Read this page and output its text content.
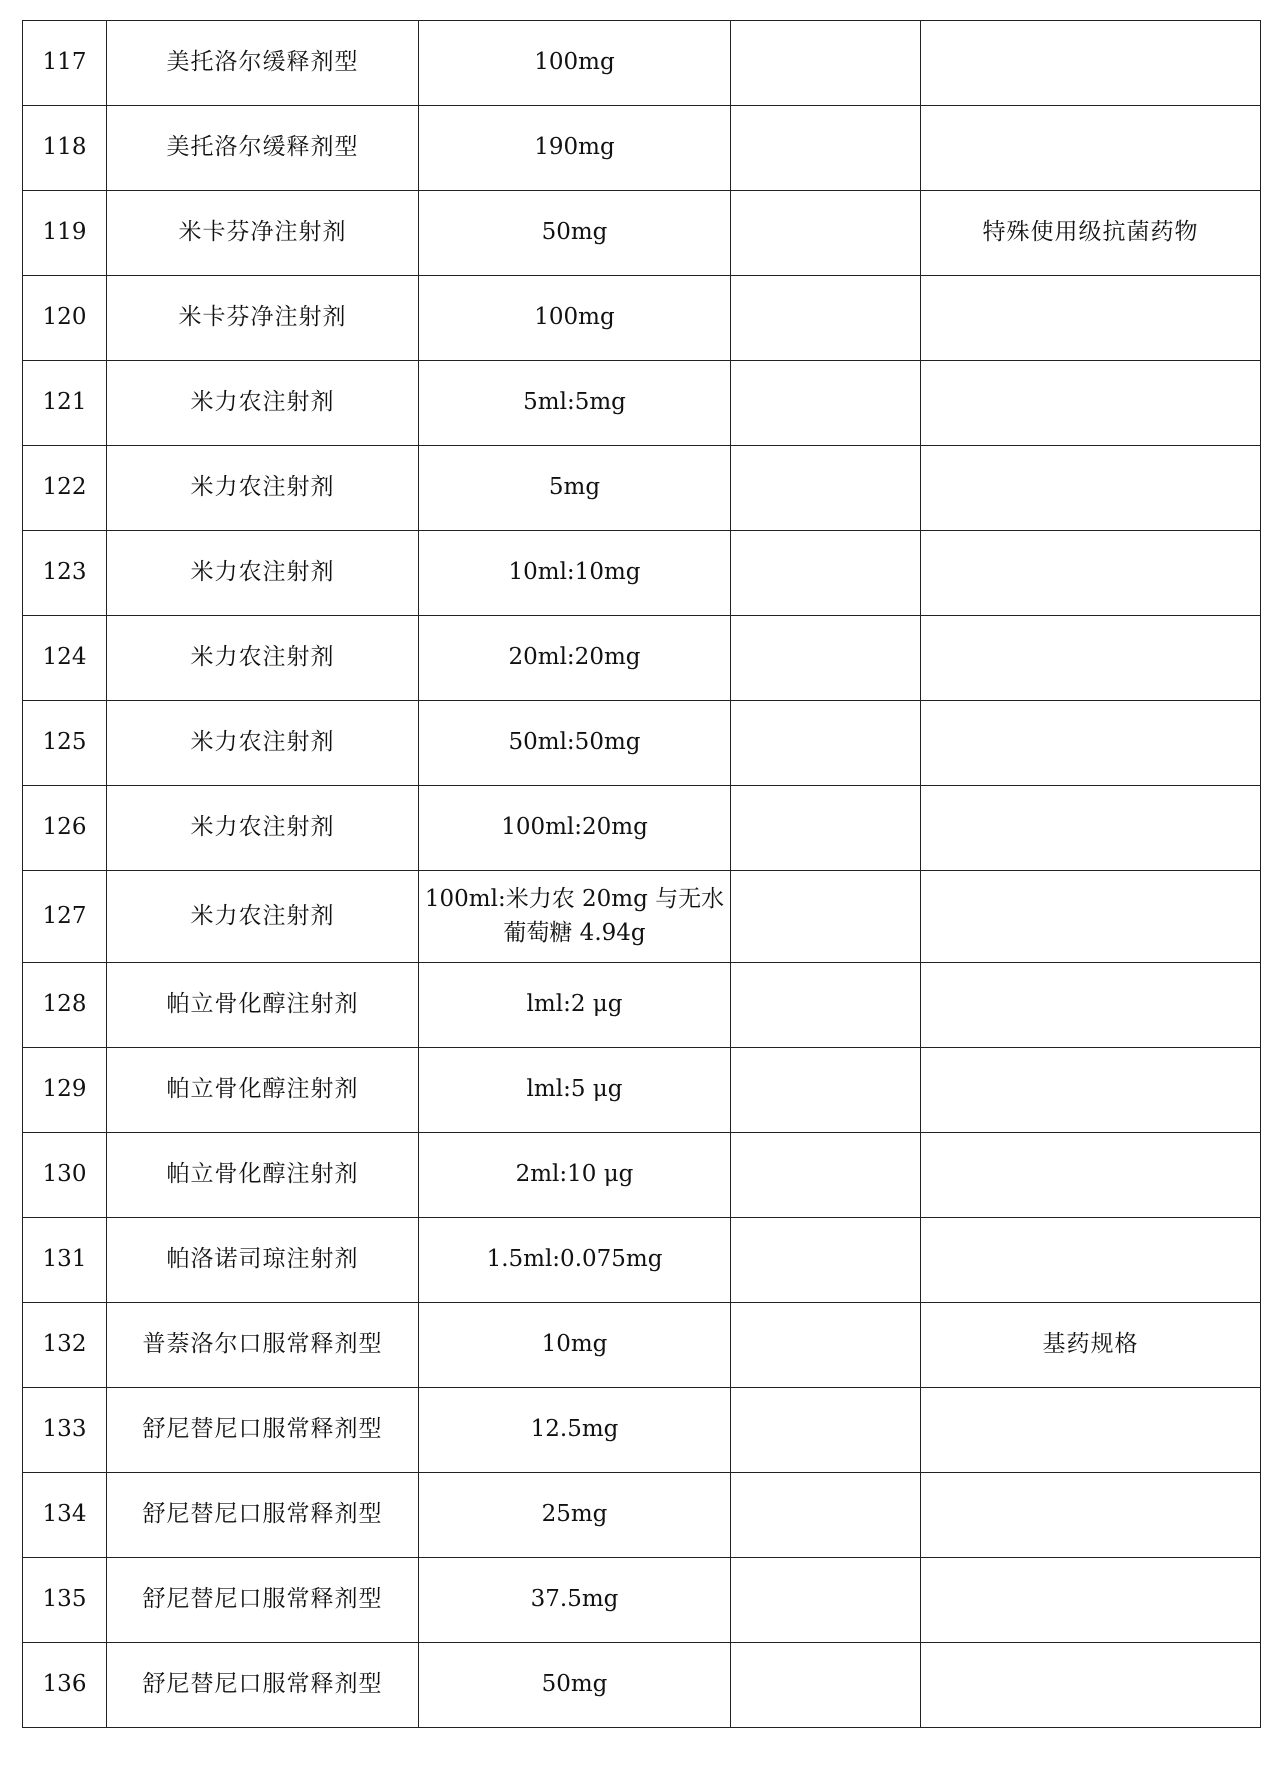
117	美托洛尔缓释剂型	100mg		
118	美托洛尔缓释剂型	190mg		
119	米卡芬净注射剂	50mg		特殊使用级抗菌药物
120	米卡芬净注射剂	100mg		
121	米力农注射剂	5ml:5mg		
122	米力农注射剂	5mg		
123	米力农注射剂	10ml:10mg		
124	米力农注射剂	20ml:20mg		
125	米力农注射剂	50ml:50mg		
126	米力农注射剂	100ml:20mg		
127	米力农注射剂	100ml:米力农 20mg 与无水葡萄糖 4.94g		
128	帕立骨化醇注射剂	lml:2 μg		
129	帕立骨化醇注射剂	lml:5 μg		
130	帕立骨化醇注射剂	2ml:10 μg		
131	帕洛诺司琼注射剂	1.5ml:0.075mg		
132	普萘洛尔口服常释剂型	10mg		基药规格
133	舒尼替尼口服常释剂型	12.5mg		
134	舒尼替尼口服常释剂型	25mg		
135	舒尼替尼口服常释剂型	37.5mg		
136	舒尼替尼口服常释剂型	50mg		
